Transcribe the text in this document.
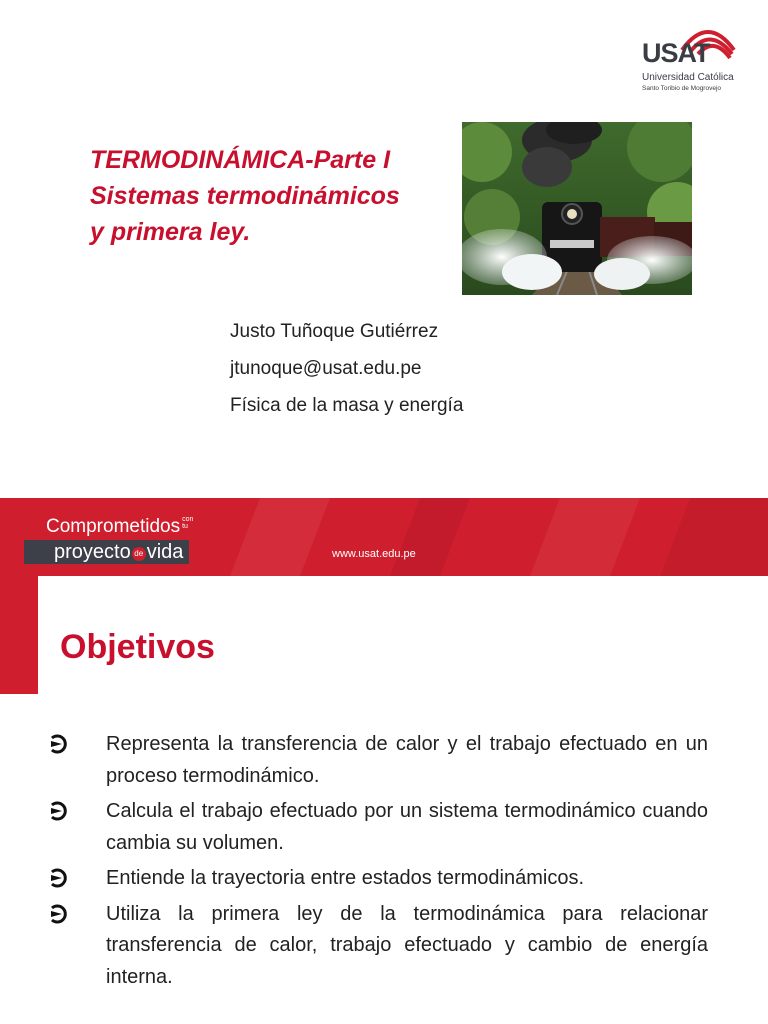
USAT
Universidad Católica
Santo Toribio de Mogrovejo
TERMODINÁMICA-Parte I
Sistemas termodinámicos
y primera ley.
Justo Tuñoque Gutiérrez
jtunoque@usat.edu.pe
Física de la masa y energía
Comprometidos con
tu
proyecto de vida	www.usat.edu.pe
Objetivos
Representa la transferencia de calor y el trabajo efectuado en un proceso termodinámico.
Calcula el trabajo efectuado por un sistema termodinámico cuando cambia su volumen.
Entiende la trayectoria entre estados termodinámicos.
Utiliza la primera ley de la termodinámica para relacionar transferencia de calor, trabajo efectuado y cambio de energía interna.
